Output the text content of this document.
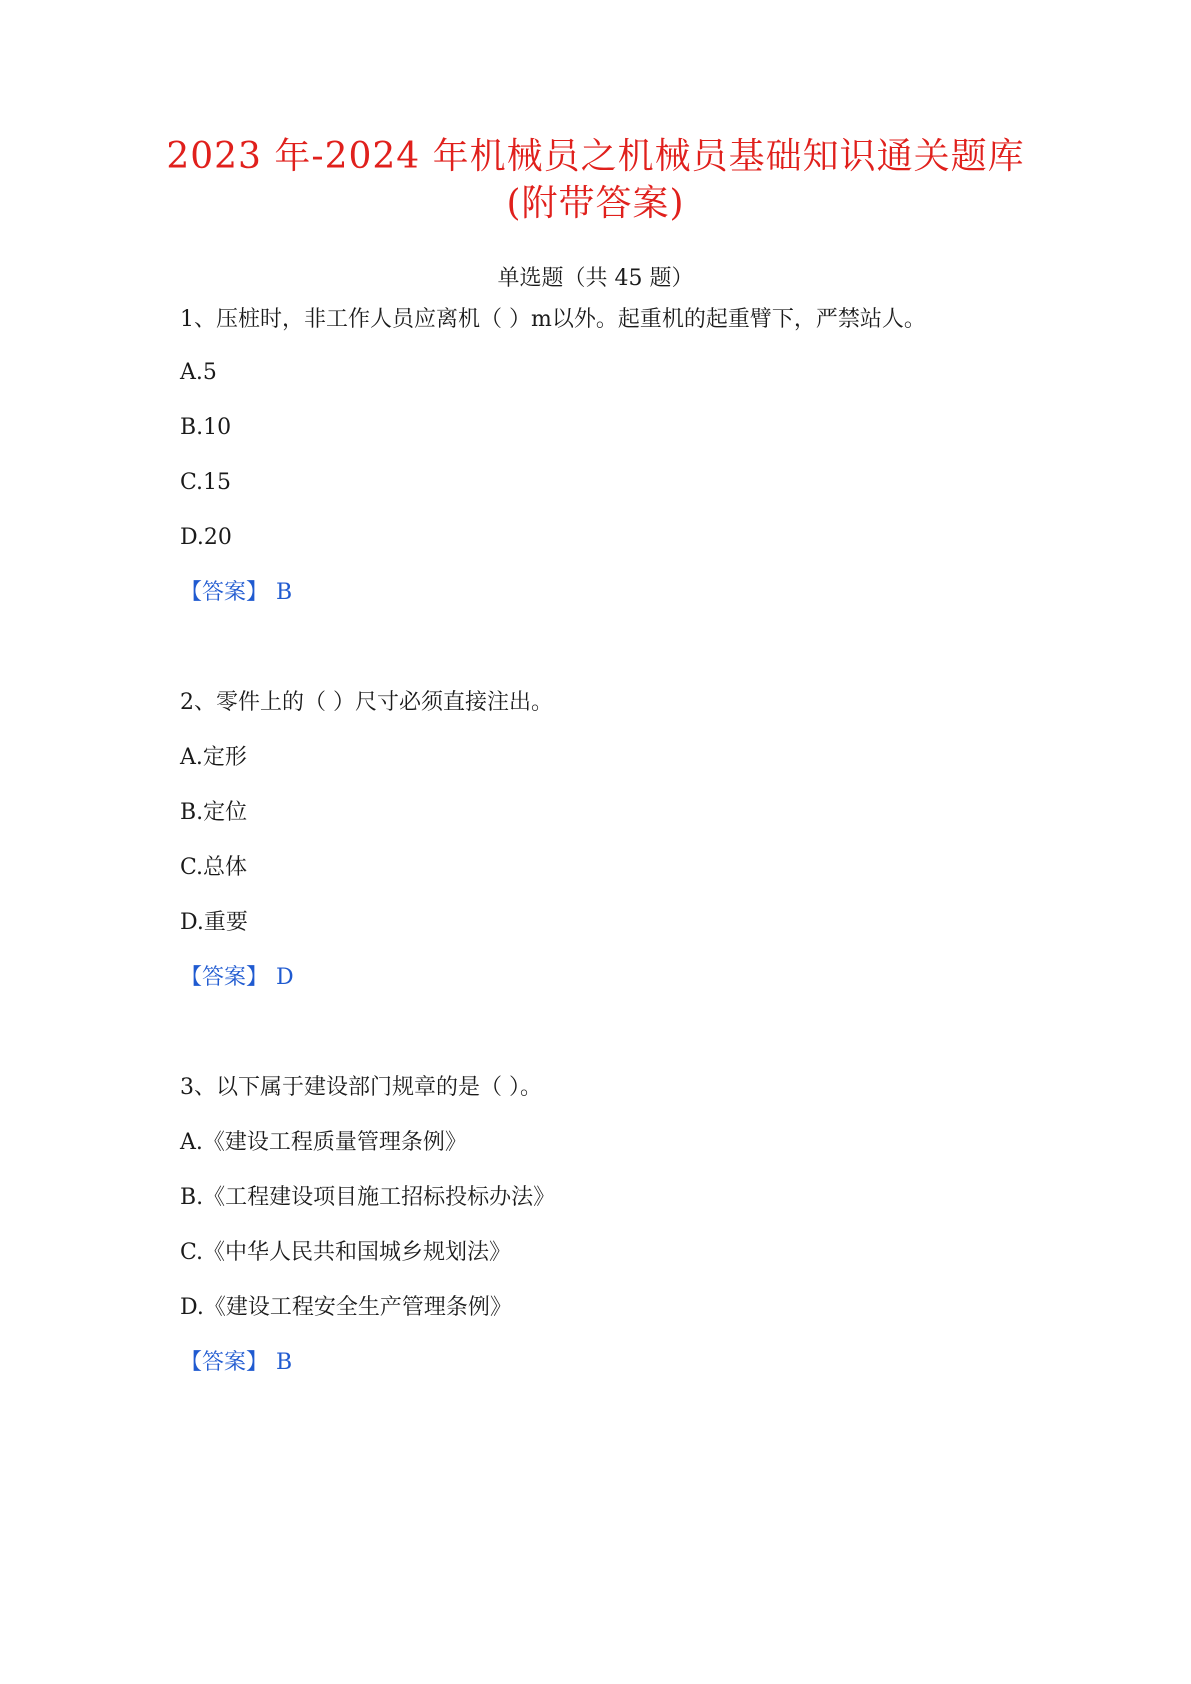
2023 年-2024 年机械员之机械员基础知识通关题库
(附带答案)
单选题（共 45 题）
1、压桩时，非工作人员应离机（ ）m以外。起重机的起重臂下，严禁站人。
A.5
B.10
C.15
D.20
【答案】 B
2、零件上的（ ）尺寸必须直接注出。
A.定形
B.定位
C.总体
D.重要
【答案】 D
3、以下属于建设部门规章的是（ ）。
A.《建设工程质量管理条例》
B.《工程建设项目施工招标投标办法》
C.《中华人民共和国城乡规划法》
D.《建设工程安全生产管理条例》
【答案】 B
